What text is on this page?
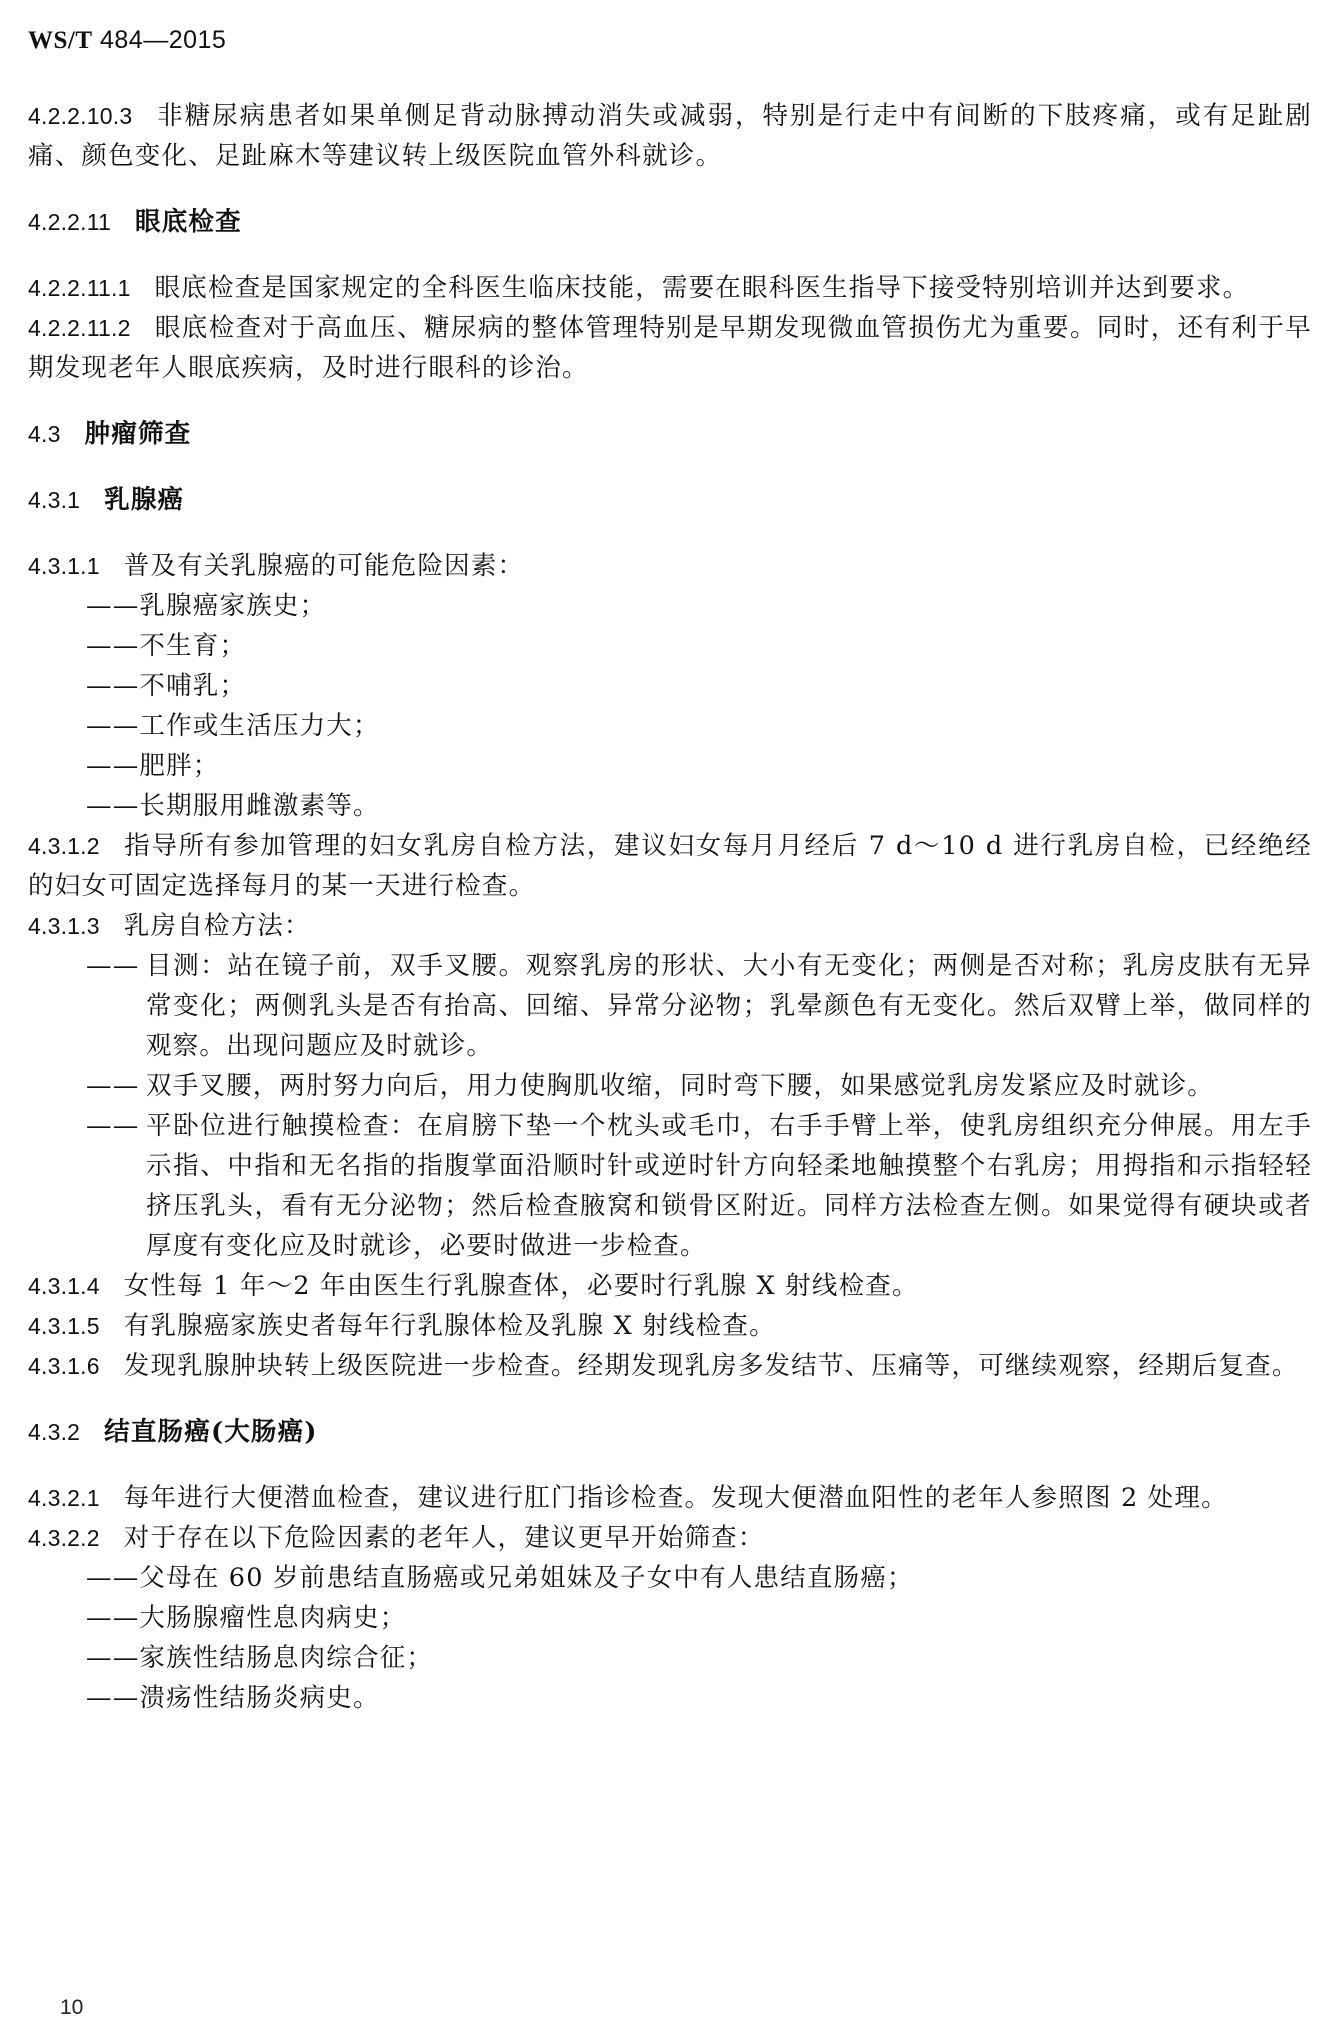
WS/T 484—2015

4.2.2.10.3 非糖尿病患者如果单侧足背动脉搏动消失或减弱，特别是行走中有间断的下肢疼痛，或有足趾剧痛、颜色变化、足趾麻木等建议转上级医院血管外科就诊。

4.2.2.11 眼底检查

4.2.2.11.1 眼底检查是国家规定的全科医生临床技能，需要在眼科医生指导下接受特别培训并达到要求。

4.2.2.11.2 眼底检查对于高血压、糖尿病的整体管理特别是早期发现微血管损伤尤为重要。同时，还有利于早期发现老年人眼底疾病，及时进行眼科的诊治。

4.3 肿瘤筛查

4.3.1 乳腺癌

4.3.1.1 普及有关乳腺癌的可能危险因素：

——乳腺癌家族史；

——不生育；

——不哺乳；

——工作或生活压力大；

——肥胖；

——长期服用雌激素等。

4.3.1.2 指导所有参加管理的妇女乳房自检方法，建议妇女每月月经后 7 d～10 d 进行乳房自检，已经绝经的妇女可固定选择每月的某一天进行检查。

4.3.1.3 乳房自检方法：

—— 目测：站在镜子前，双手叉腰。观察乳房的形状、大小有无变化；两侧是否对称；乳房皮肤有无异常变化；两侧乳头是否有抬高、回缩、异常分泌物；乳晕颜色有无变化。然后双臂上举，做同样的观察。出现问题应及时就诊。

—— 双手叉腰，两肘努力向后，用力使胸肌收缩，同时弯下腰，如果感觉乳房发紧应及时就诊。

—— 平卧位进行触摸检查：在肩膀下垫一个枕头或毛巾，右手手臂上举，使乳房组织充分伸展。用左手示指、中指和无名指的指腹掌面沿顺时针或逆时针方向轻柔地触摸整个右乳房；用拇指和示指轻轻挤压乳头，看有无分泌物；然后检查腋窝和锁骨区附近。同样方法检查左侧。如果觉得有硬块或者厚度有变化应及时就诊，必要时做进一步检查。

4.3.1.4 女性每 1 年～2 年由医生行乳腺查体，必要时行乳腺 X 射线检查。

4.3.1.5 有乳腺癌家族史者每年行乳腺体检及乳腺 X 射线检查。

4.3.1.6 发现乳腺肿块转上级医院进一步检查。经期发现乳房多发结节、压痛等，可继续观察，经期后复查。

4.3.2 结直肠癌(大肠癌)

4.3.2.1 每年进行大便潜血检查，建议进行肛门指诊检查。发现大便潜血阳性的老年人参照图 2 处理。

4.3.2.2 对于存在以下危险因素的老年人，建议更早开始筛查：

——父母在 60 岁前患结直肠癌或兄弟姐妹及子女中有人患结直肠癌；

——大肠腺瘤性息肉病史；

——家族性结肠息肉综合征；

——溃疡性结肠炎病史。

10
